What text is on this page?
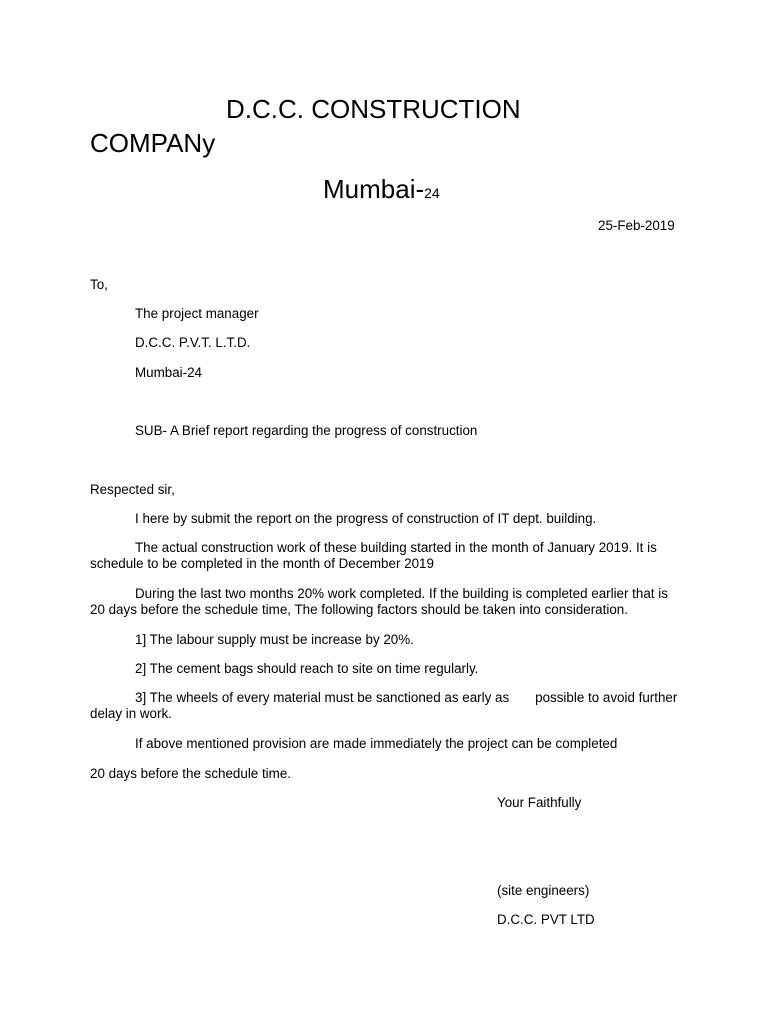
D.C.C. CONSTRUCTION
COMPANy
Mumbai-24
25-Feb-2019
To,
The project manager
D.C.C. P.V.T. L.T.D.
Mumbai-24
SUB- A Brief report regarding the progress of construction
Respected sir,
I here by submit the report on the progress of construction of IT dept. building.
The actual construction work of these building started in the month of January 2019. It is schedule to be completed in the month of December 2019
During the last two months 20% work completed. If the building is completed earlier that is 20 days before the schedule time, The following factors should be taken into consideration.
1] The labour supply must be increase by 20%.
2] The cement bags should reach to site on time regularly.
3] The wheels of every material must be sanctioned as early as possible to avoid further delay in work.
If above mentioned provision are made immediately the project can be completed
20 days before the schedule time.
Your Faithfully
(site engineers)
D.C.C. PVT LTD
